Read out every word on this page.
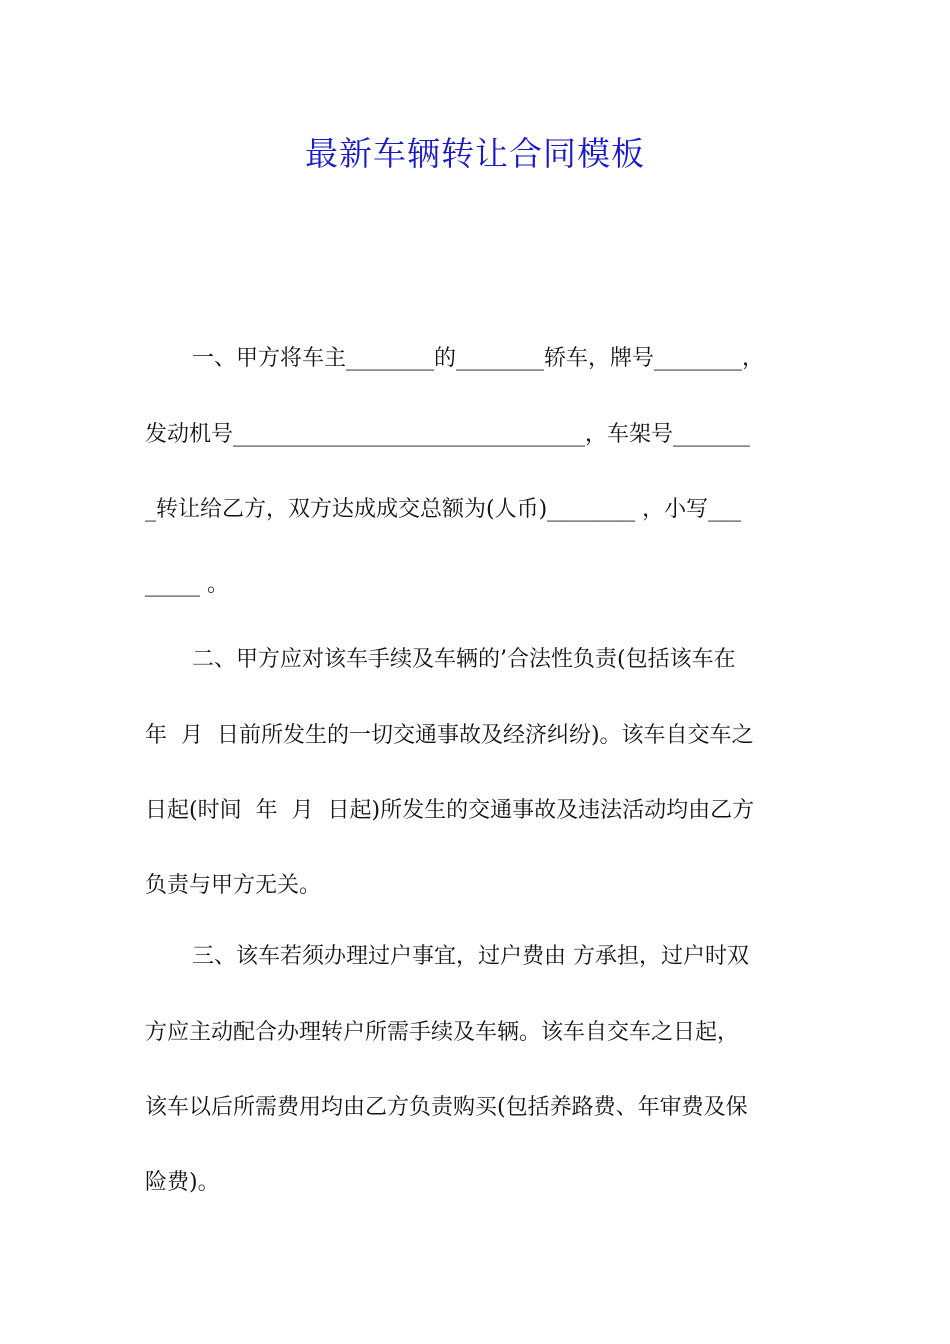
最新车辆转让合同模板
一、甲方将车主________的________轿车，牌号________，
发动机号________________________________，车架号_______
_转让给乙方，双方达成成交总额为(人币)________ ，小写___
_____ 。
二、甲方应对该车手续及车辆的’合法性负责(包括该车在
年  月  日前所发生的一切交通事故及经济纠纷)。该车自交车之
日起(时间  年  月  日起)所发生的交通事故及违法活动均由乙方
负责与甲方无关。
三、该车若须办理过户事宜，过户费由 方承担，过户时双
方应主动配合办理转户所需手续及车辆。该车自交车之日起，
该车以后所需费用均由乙方负责购买(包括养路费、年审费及保
险费)。
